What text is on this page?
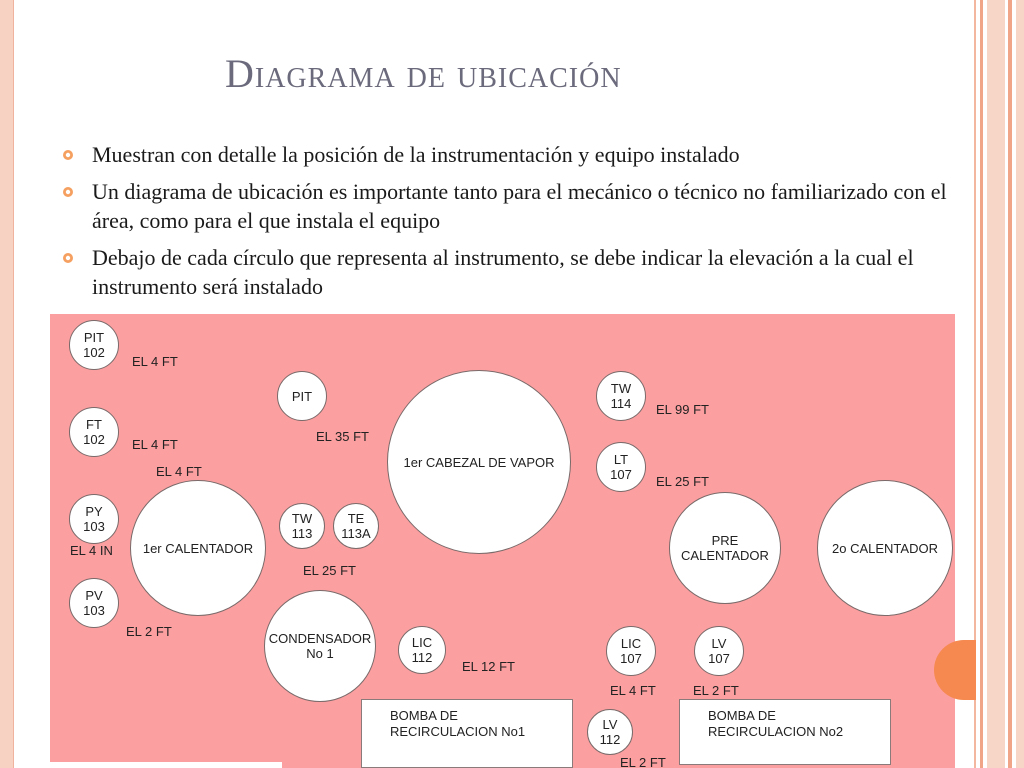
Diagrama de ubicación
Muestran con detalle la posición de la instrumentación y equipo instalado
Un diagrama de ubicación es importante tanto para el mecánico o técnico no familiarizado con el área, como para el que instala el equipo
Debajo de cada círculo que representa al instrumento, se debe indicar la elevación a la cual el instrumento será instalado
PIT
102
EL 4 FT
FT
102 EL 4 FT
EL 4 FT
PY
103
EL 4 IN 1er CALENTADOR
PV
103
EL 2 FT
PIT
EL 35 FT
TW
113
TE
113A
EL 25 FT
CONDENSADOR
No 1
LIC
112
EL 12 FT
1er CABEZAL DE VAPOR
TW
114 EL 99 FT
LT
107 EL 25 FT
PRE
CALENTADOR	2o CALENTADOR
LIC
107
EL 4 FT
LV
107
EL 2 FT
BOMBA DE
RECIRCULACION No1	LV
112
EL 2 FT
BOMBA DE
RECIRCULACION No2
